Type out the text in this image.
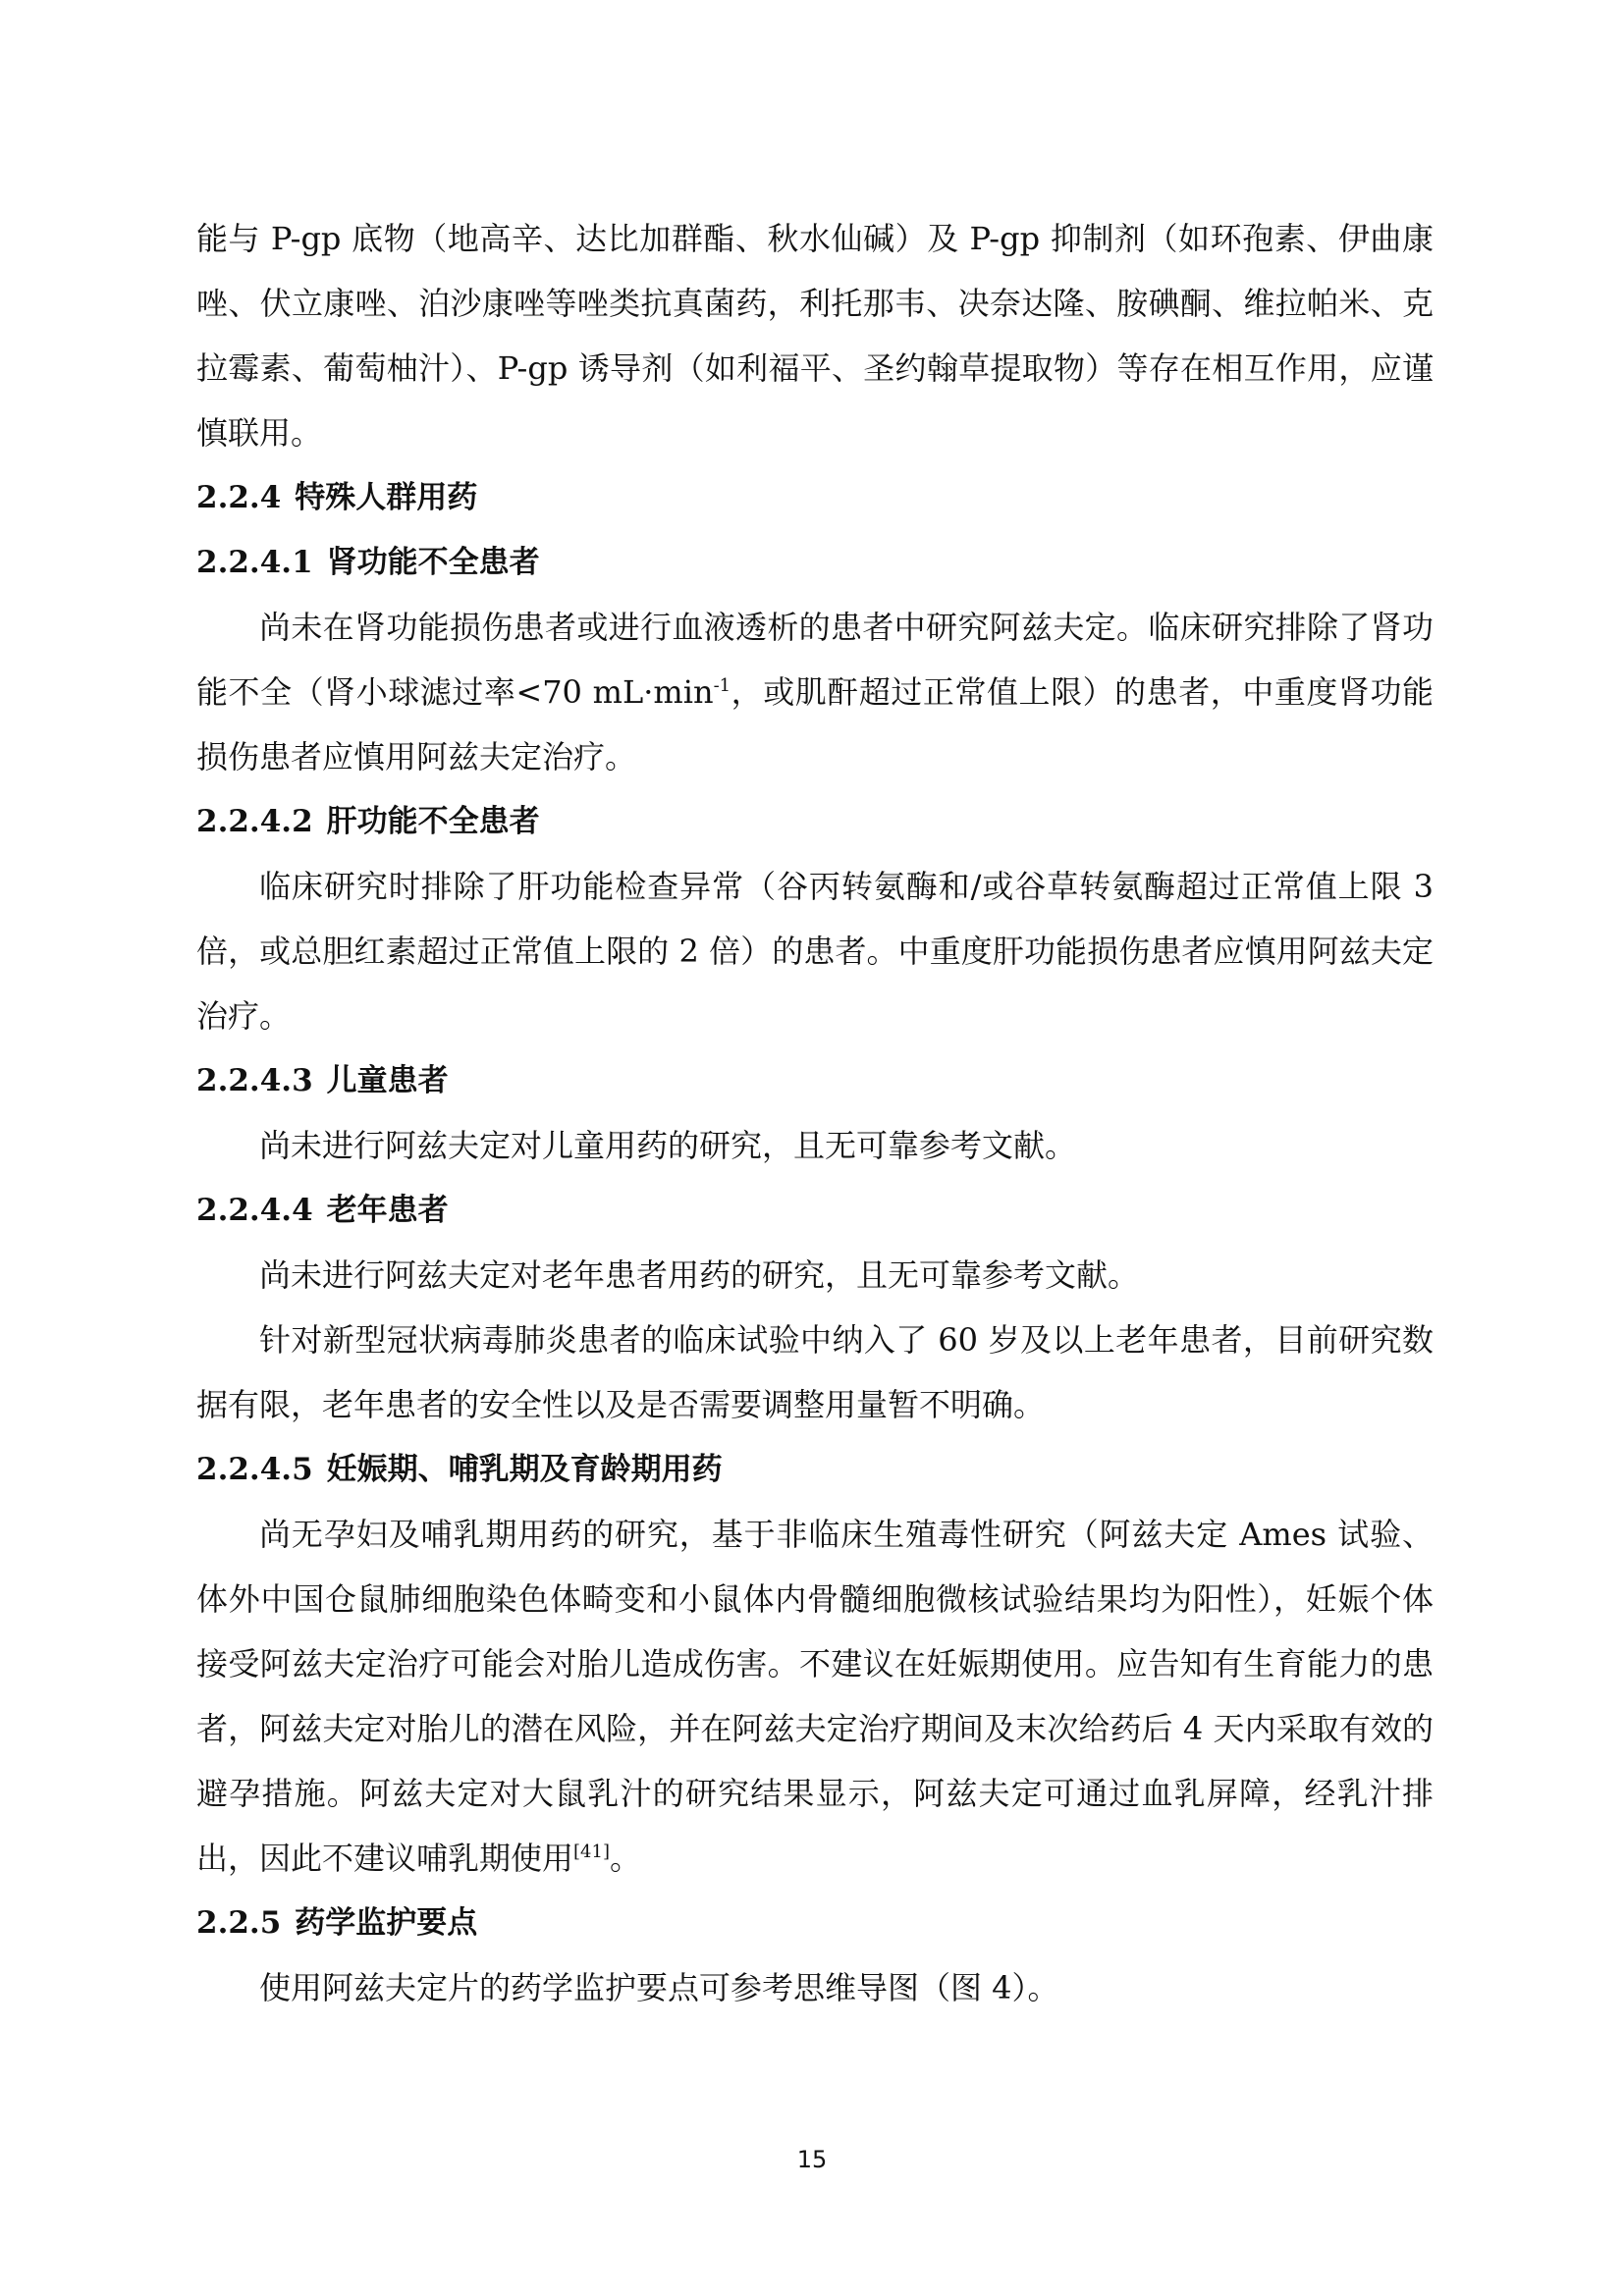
能与 P-gp 底物（地高辛、达比加群酯、秋水仙碱）及 P-gp 抑制剂（如环孢素、伊曲康唑、伏立康唑、泊沙康唑等唑类抗真菌药，利托那韦、决奈达隆、胺碘酮、维拉帕米、克拉霉素、葡萄柚汁）、P-gp 诱导剂（如利福平、圣约翰草提取物）等存在相互作用，应谨慎联用。

2.2.4 特殊人群用药
2.2.4.1 肾功能不全患者

尚未在肾功能损伤患者或进行血液透析的患者中研究阿兹夫定。临床研究排除了肾功能不全（肾小球滤过率<70 $mL\cdot\min^{-1}$，或肌酐超过正常值上限）的患者，中重度肾功能损伤患者应慎用阿兹夫定治疗。

2.2.4.2 肝功能不全患者

临床研究时排除了肝功能检查异常（谷丙转氨酶和/或谷草转氨酶超过正常值上限 3 倍，或总胆红素超过正常值上限的 2 倍）的患者。中重度肝功能损伤患者应慎用阿兹夫定治疗。

2.2.4.3 儿童患者

尚未进行阿兹夫定对儿童用药的研究，且无可靠参考文献。

2.2.4.4 老年患者

尚未进行阿兹夫定对老年患者用药的研究，且无可靠参考文献。

针对新型冠状病毒肺炎患者的临床试验中纳入了 60 岁及以上老年患者，目前研究数据有限，老年患者的安全性以及是否需要调整用量暂不明确。

2.2.4.5 妊娠期、哺乳期及育龄期用药

尚无孕妇及哺乳期用药的研究，基于非临床生殖毒性研究（阿兹夫定 Ames 试验、体外中国仓鼠肺细胞染色体畸变和小鼠体内骨髓细胞微核试验结果均为阳性），妊娠个体接受阿兹夫定治疗可能会对胎儿造成伤害。不建议在妊娠期使用。应告知有生育能力的患者，阿兹夫定对胎儿的潜在风险，并在阿兹夫定治疗期间及末次给药后 4 天内采取有效的避孕措施。阿兹夫定对大鼠乳汁的研究结果显示，阿兹夫定可通过血乳屏障，经乳汁排出，因此不建议哺乳期使用[41]。

2.2.5 药学监护要点

使用阿兹夫定片的药学监护要点可参考思维导图（图 4）。

15
